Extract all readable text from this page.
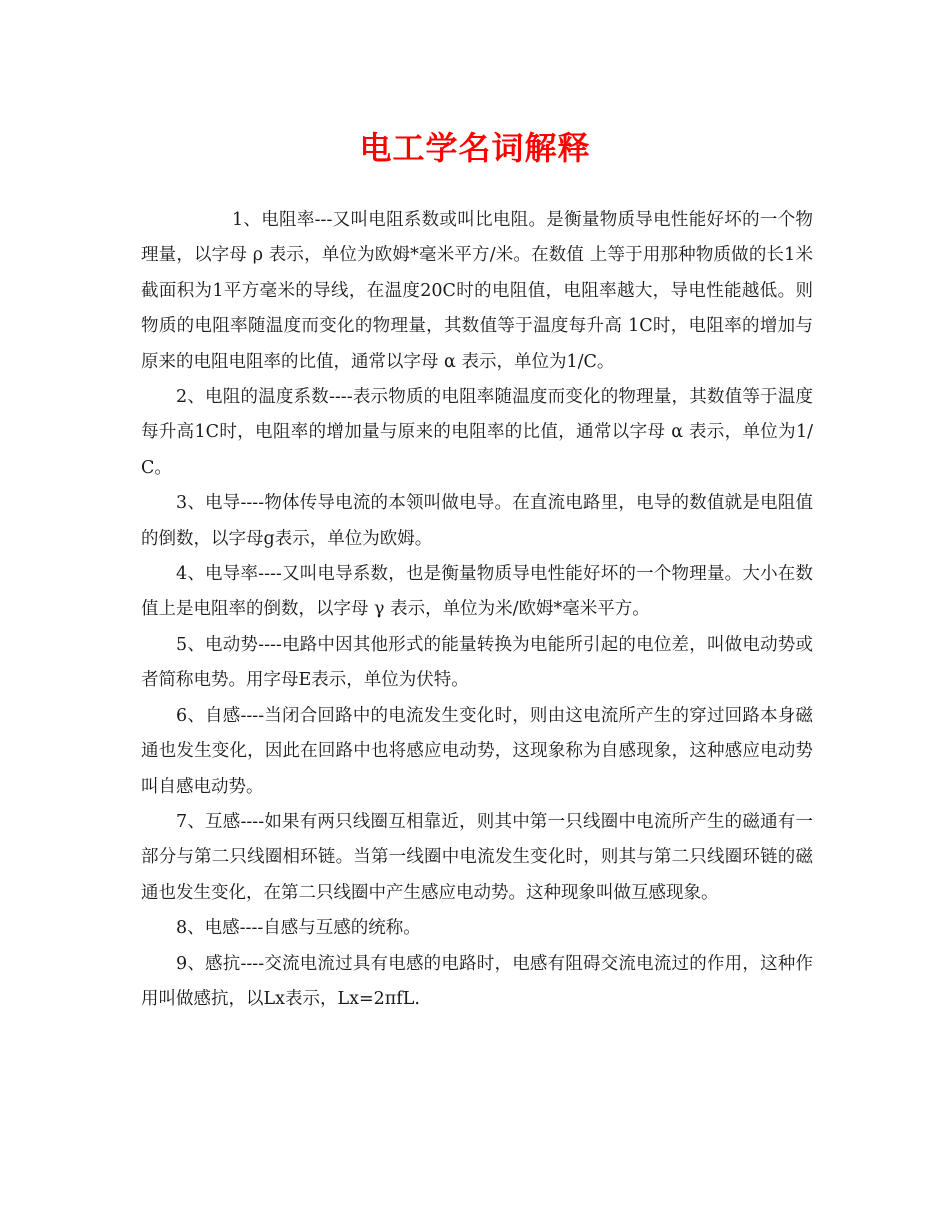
电工学名词解释

1、电阻率---又叫电阻系数或叫比电阻。是衡量物质导电性能好坏的一个物理量，以字母 ρ 表示，单位为欧姆*毫米平方/米。在数值 上等于用那种物质做的长1米截面积为1平方毫米的导线，在温度20C时的电阻值，电阻率越大，导电性能越低。则物质的电阻率随温度而变化的物理量，其数值等于温度每升高 1C时，电阻率的增加与原来的电阻电阻率的比值，通常以字母 α 表示，单位为1/C。

2、电阻的温度系数----表示物质的电阻率随温度而变化的物理量，其数值等于温度每升高1C时，电阻率的增加量与原来的电阻率的比值，通常以字母 α 表示，单位为1/C。

3、电导----物体传导电流的本领叫做电导。在直流电路里，电导的数值就是电阻值的倒数，以字母g表示，单位为欧姆。

4、电导率----又叫电导系数，也是衡量物质导电性能好坏的一个物理量。大小在数值上是电阻率的倒数，以字母 γ 表示，单位为米/欧姆*毫米平方。

5、电动势----电路中因其他形式的能量转换为电能所引起的电位差，叫做电动势或者简称电势。用字母E表示，单位为伏特。

6、自感----当闭合回路中的电流发生变化时，则由这电流所产生的穿过回路本身磁通也发生变化，因此在回路中也将感应电动势，这现象称为自感现象，这种感应电动势叫自感电动势。

7、互感----如果有两只线圈互相靠近，则其中第一只线圈中电流所产生的磁通有一部分与第二只线圈相环链。当第一线圈中电流发生变化时，则其与第二只线圈环链的磁通也发生变化，在第二只线圈中产生感应电动势。这种现象叫做互感现象。

8、电感----自感与互感的统称。

9、感抗----交流电流过具有电感的电路时，电感有阻碍交流电流过的作用，这种作用叫做感抗，以Lx表示，Lx=2πfL.
